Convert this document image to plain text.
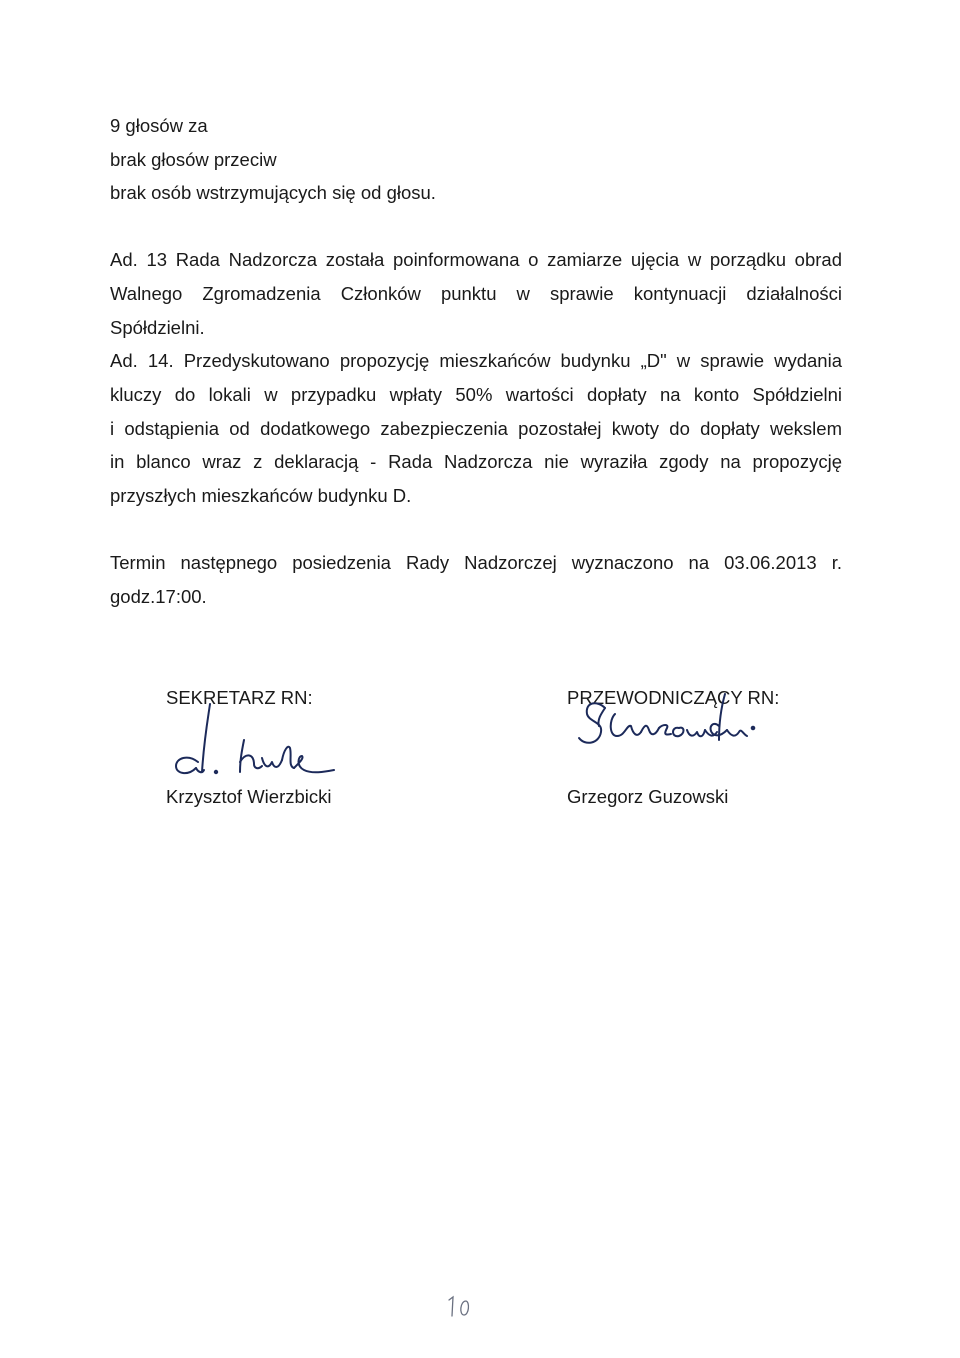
9 głosów za
brak głosów przeciw
brak osób wstrzymujących się od głosu.
Ad. 13 Rada Nadzorcza została poinformowana o zamiarze ujęcia w porządku obrad
Walnego Zgromadzenia Członków punktu w sprawie kontynuacji działalności
Spółdzielni.
Ad. 14. Przedyskutowano propozycję mieszkańców budynku „D" w sprawie wydania
kluczy do lokali w przypadku wpłaty 50% wartości dopłaty na konto Spółdzielni
i odstąpienia od dodatkowego zabezpieczenia pozostałej kwoty do dopłaty wekslem
in blanco wraz z deklaracją - Rada Nadzorcza nie wyraziła zgody na propozycję
przyszłych mieszkańców budynku D.
Termin następnego posiedzenia Rady Nadzorczej wyznaczono na 03.06.2013 r.
godz.17:00.
SEKRETARZ RN:
Krzysztof Wierzbicki
PRZEWODNICZĄCY RN:
Grzegorz Guzowski
